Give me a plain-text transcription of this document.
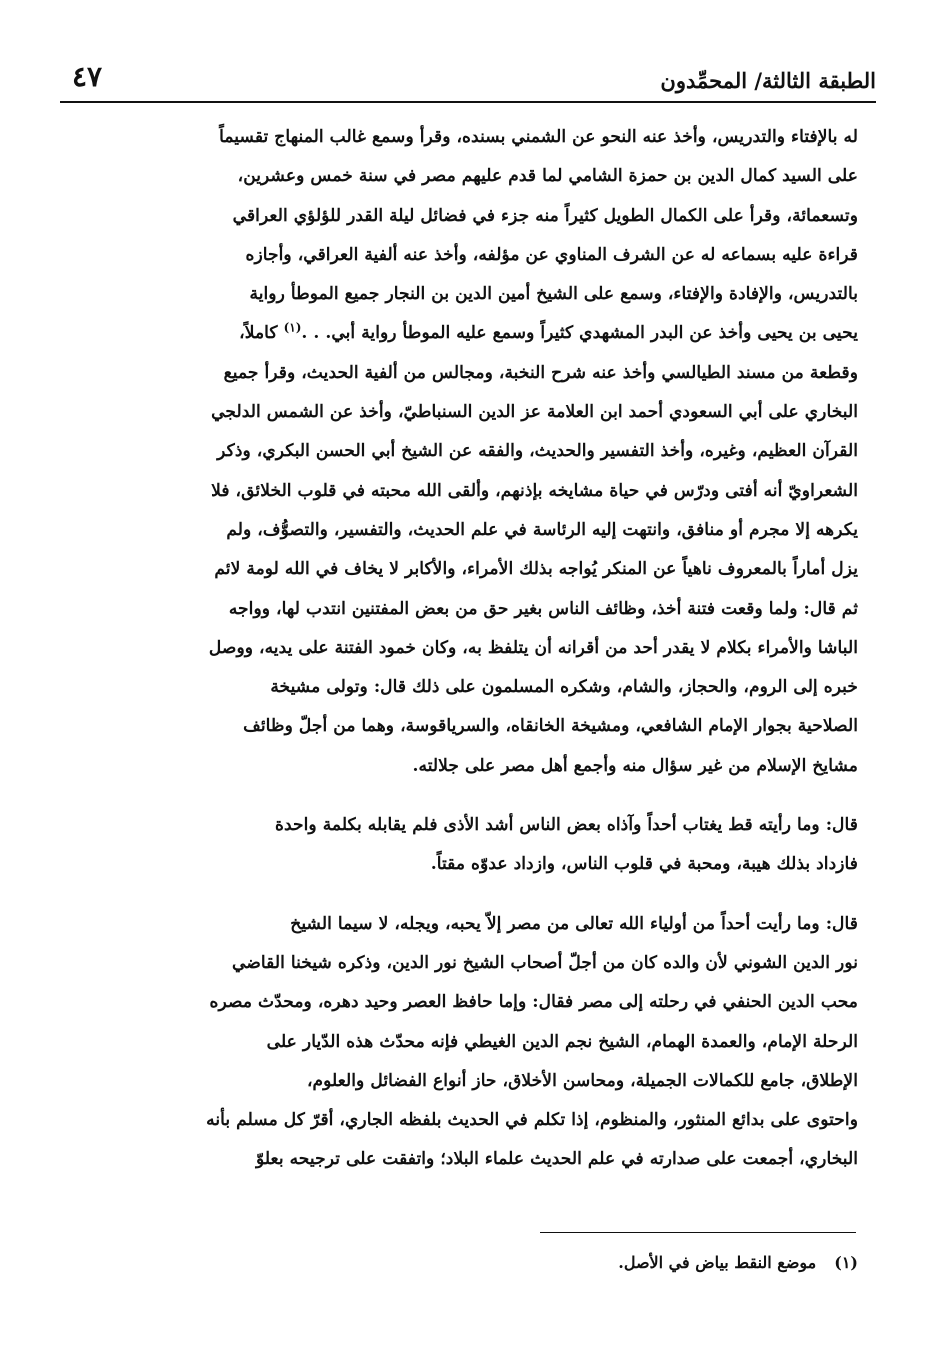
الطبقة الثالثة/ المحمِّدون
٤٧
له بالإفتاء والتدريس، وأخذ عنه النحو عن الشمني بسنده، وقرأ وسمع غالب المنهاج تقسيماً
على السيد كمال الدين بن حمزة الشامي لما قدم عليهم مصر في سنة خمس وعشرين،
وتسعمائة، وقرأ على الكمال الطويل كثيراً منه جزء في فضائل ليلة القدر للؤلؤي العراقي
قراءة عليه بسماعه له عن الشرف المناوي عن مؤلفه، وأخذ عنه ألفية العراقي، وأجازه
بالتدريس، والإفادة والإفتاء، وسمع على الشيخ أمين الدين بن النجار جميع الموطأ رواية
يحيى بن يحيى وأخذ عن البدر المشهدي كثيراً وسمع عليه الموطأ رواية أبي. . .$^{(١)}$ كاملاً،
وقطعة من مسند الطيالسي وأخذ عنه شرح النخبة، ومجالس من ألفية الحديث، وقرأ جميع
البخاري على أبي السعودي أحمد ابن العلامة عز الدين السنباطيّ، وأخذ عن الشمس الدلجي
القرآن العظيم، وغيره، وأخذ التفسير والحديث، والفقه عن الشيخ أبي الحسن البكري، وذكر
الشعراويّ أنه أفتى ودرّس في حياة مشايخه بإذنهم، وألقى الله محبته في قلوب الخلائق، فلا
يكرهه إلا مجرم أو منافق، وانتهت إليه الرئاسة في علم الحديث، والتفسير، والتصوُّف، ولم
يزل أماراً بالمعروف ناهياً عن المنكر يُواجه بذلك الأمراء، والأكابر لا يخاف في الله لومة لائم
ثم قال: ولما وقعت فتنة أخذ، وظائف الناس بغير حق من بعض المفتنين انتدب لها، وواجه
الباشا والأمراء بكلام لا يقدر أحد من أقرانه أن يتلفظ به، وكان خمود الفتنة على يديه، ووصل
خبره إلى الروم، والحجاز، والشام، وشكره المسلمون على ذلك قال: وتولى مشيخة
الصلاحية بجوار الإمام الشافعي، ومشيخة الخانقاه، والسرياقوسة، وهما من أجلّ وظائف
مشايخ الإسلام من غير سؤال منه وأجمع أهل مصر على جلالته.
قال: وما رأيته قط يغتاب أحداً وآذاه بعض الناس أشد الأذى فلم يقابله بكلمة واحدة
فازداد بذلك هيبة، ومحبة في قلوب الناس، وازداد عدوّه مقتاً.
قال: وما رأيت أحداً من أولياء الله تعالى من مصر إلاّ يحبه، ويجله، لا سيما الشيخ
نور الدين الشوني لأن والده كان من أجلّ أصحاب الشيخ نور الدين، وذكره شيخنا القاضي
محب الدين الحنفي في رحلته إلى مصر فقال: وإما حافظ العصر وحيد دهره، ومحدّث مصره
الرحلة الإمام، والعمدة الهمام، الشيخ نجم الدين الغيطي فإنه محدّث هذه الدّيار على
الإطلاق، جامع للكمالات الجميلة، ومحاسن الأخلاق، حاز أنواع الفضائل والعلوم،
واحتوى على بدائع المنثور، والمنظوم، إذا تكلم في الحديث بلفظه الجاري، أقرّ كل مسلم بأنه
البخاري، أجمعت على صدارته في علم الحديث علماء البلاد؛ واتفقت على ترجيحه بعلوّ
(١)موضع النقط بياض في الأصل.
